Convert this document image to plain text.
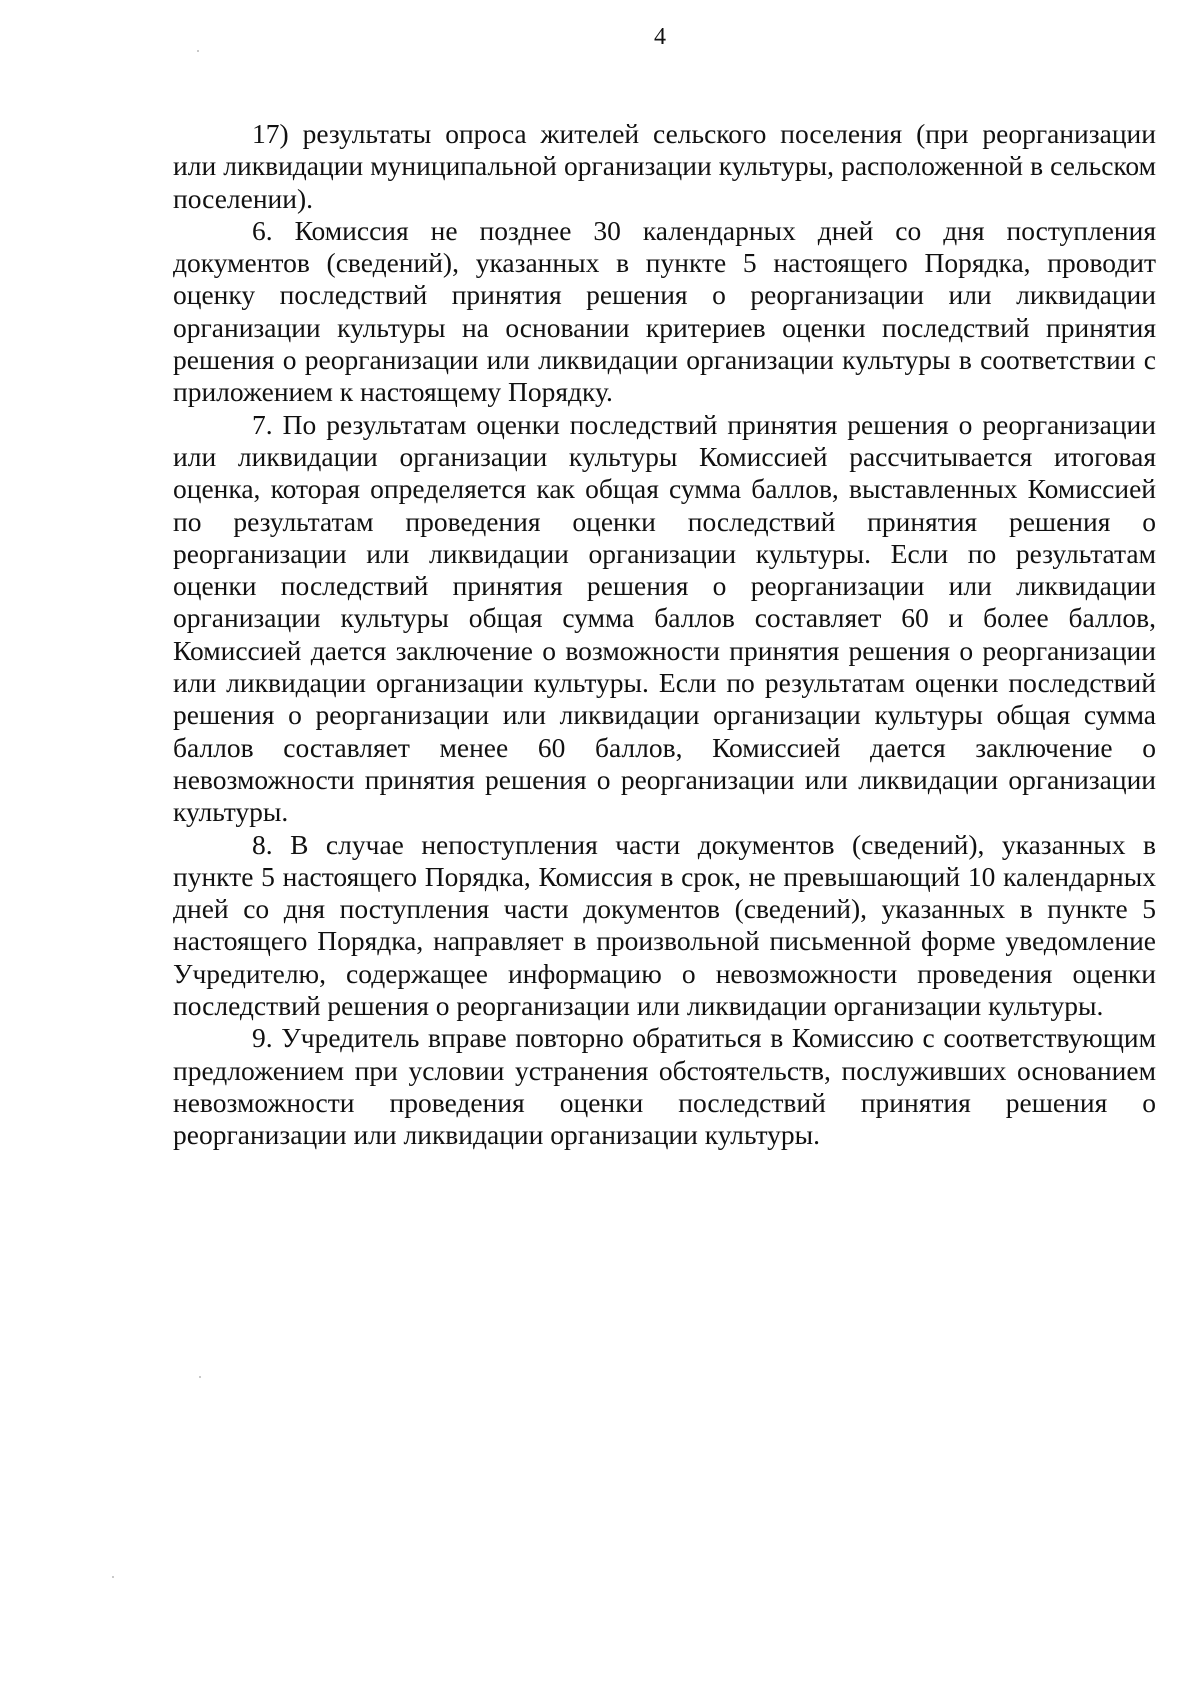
4

17) результаты опроса жителей сельского поселения (при реорганизации или ликвидации муниципальной организации культуры, расположенной в сельском поселении).

6. Комиссия не позднее 30 календарных дней со дня поступления документов (сведений), указанных в пункте 5 настоящего Порядка, проводит оценку последствий принятия решения о реорганизации или ликвидации организации культуры на основании критериев оценки последствий принятия решения о реорганизации или ликвидации организации культуры в соответствии с приложением к настоящему Порядку.

7. По результатам оценки последствий принятия решения о реорганизации или ликвидации организации культуры Комиссией рассчитывается итоговая оценка, которая определяется как общая сумма баллов, выставленных Комиссией по результатам проведения оценки последствий принятия решения о реорганизации или ликвидации организации культуры. Если по результатам оценки последствий принятия решения о реорганизации или ликвидации организации культуры общая сумма баллов составляет 60 и более баллов, Комиссией дается заключение о возможности принятия решения о реорганизации или ликвидации организации культуры. Если по результатам оценки последствий решения о реорганизации или ликвидации организации культуры общая сумма баллов составляет менее 60 баллов, Комиссией дается заключение о невозможности принятия решения о реорганизации или ликвидации организации культуры.

8. В случае непоступления части документов (сведений), указанных в пункте 5 настоящего Порядка, Комиссия в срок, не превышающий 10 календарных дней со дня поступления части документов (сведений), указанных в пункте 5 настоящего Порядка, направляет в произвольной письменной форме уведомление Учредителю, содержащее информацию о невозможности проведения оценки последствий решения о реорганизации или ликвидации организации культуры.

9. Учредитель вправе повторно обратиться в Комиссию с соответствующим предложением при условии устранения обстоятельств, послуживших основанием невозможности проведения оценки последствий принятия решения о реорганизации или ликвидации организации культуры.
